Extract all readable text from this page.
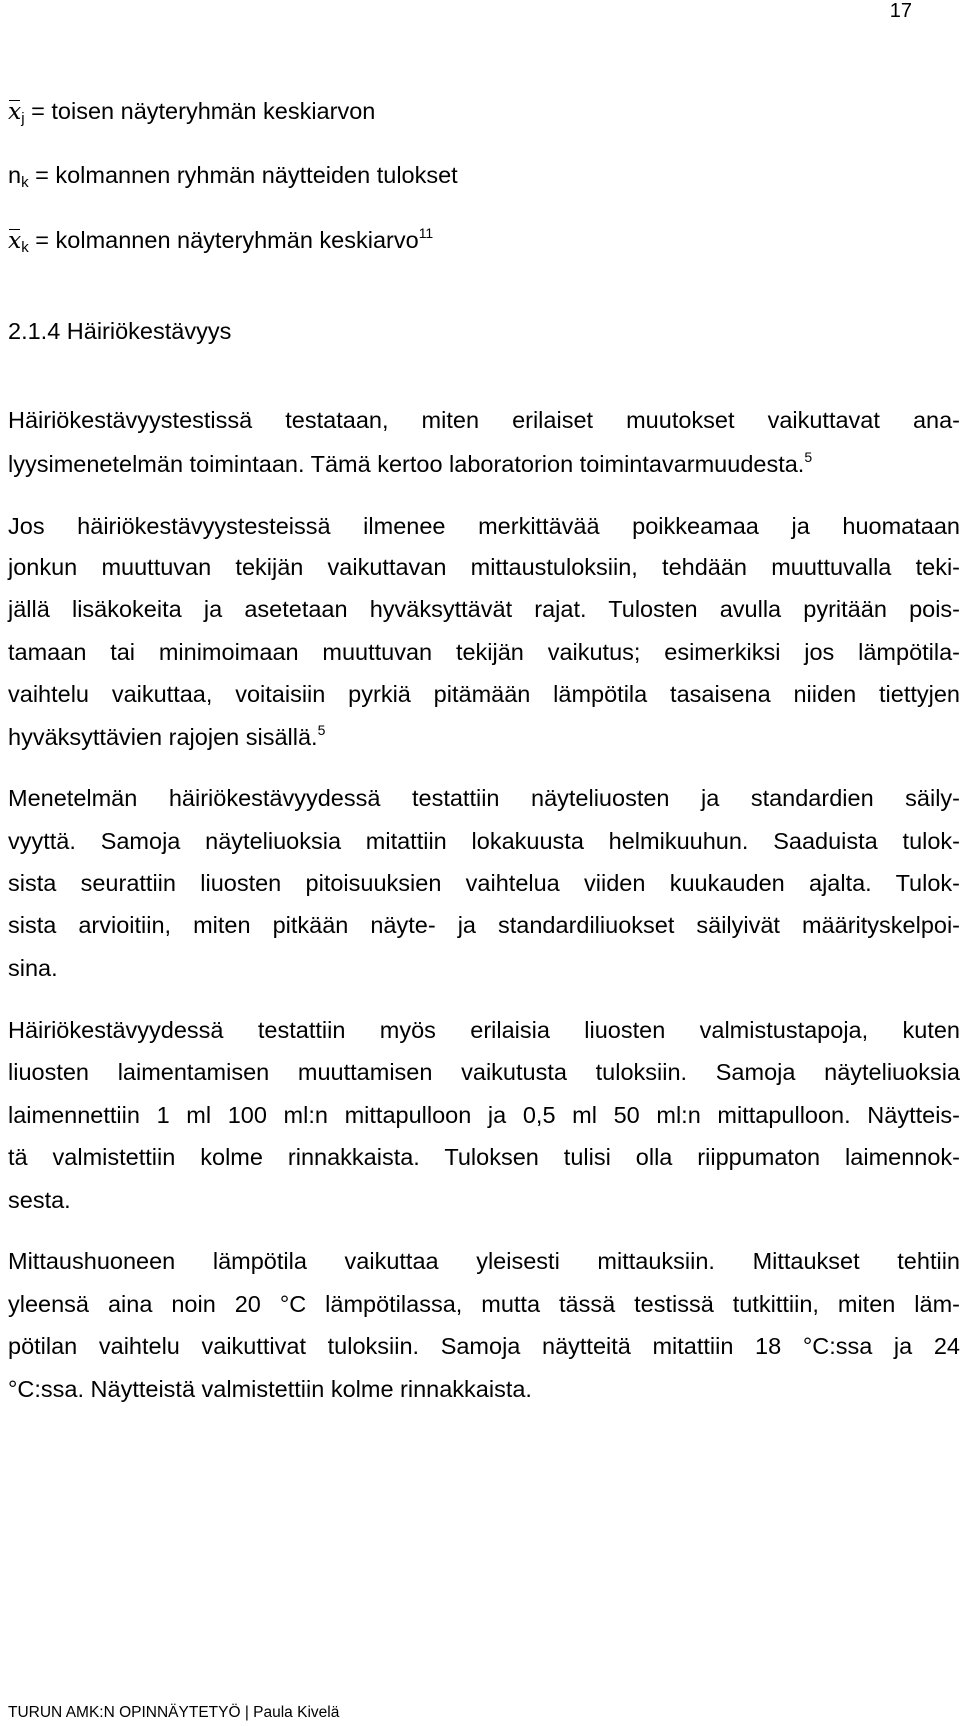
17
$x_j$ = toisen näyteryhmän keskiarvon
$n_k$ = kolmannen ryhmän näytteiden tulokset
$x_k$ = kolmannen näyteryhmän keskiarvo$^{11}$
2.1.4 Häiriökestävyys
Häiriökestävyystestissä testataan, miten erilaiset muutokset vaikuttavat ana-
lyysimenetelmän toimintaan. Tämä kertoo laboratorion toimintavarmuudesta.$^5$
Jos häiriökestävyystesteissä ilmenee merkittävää poikkeamaa ja huomataan
jonkun muuttuvan tekijän vaikuttavan mittaustuloksiin, tehdään muuttuvalla teki-
jällä lisäkokeita ja asetetaan hyväksyttävät rajat. Tulosten avulla pyritään pois-
tamaan tai minimoimaan muuttuvan tekijän vaikutus; esimerkiksi jos lämpötila-
vaihtelu vaikuttaa, voitaisiin pyrkiä pitämään lämpötila tasaisena niiden tiettyjen
hyväksyttävien rajojen sisällä.$^5$
Menetelmän häiriökestävyydessä testattiin näyteliuosten ja standardien säily-
vyyttä. Samoja näyteliuoksia mitattiin lokakuusta helmikuuhun. Saaduista tulok-
sista seurattiin liuosten pitoisuuksien vaihtelua viiden kuukauden ajalta. Tulok-
sista arvioitiin, miten pitkään näyte- ja standardiliuokset säilyivät määrityskelpoi-
sina.
Häiriökestävyydessä testattiin myös erilaisia liuosten valmistustapoja, kuten
liuosten laimentamisen muuttamisen vaikutusta tuloksiin. Samoja näyteliuoksia
laimennettiin 1 ml 100 ml:n mittapulloon ja 0,5 ml 50 ml:n mittapulloon. Näytteis-
tä valmistettiin kolme rinnakkaista. Tuloksen tulisi olla riippumaton laimennok-
sesta.
Mittaushuoneen lämpötila vaikuttaa yleisesti mittauksiin. Mittaukset tehtiin
yleensä aina noin 20 °C lämpötilassa, mutta tässä testissä tutkittiin, miten läm-
pötilan vaihtelu vaikuttivat tuloksiin. Samoja näytteitä mitattiin 18 °C:ssa ja 24
°C:ssa. Näytteistä valmistettiin kolme rinnakkaista.
TURUN AMK:N OPINNÄYTETYÖ | Paula Kivelä
